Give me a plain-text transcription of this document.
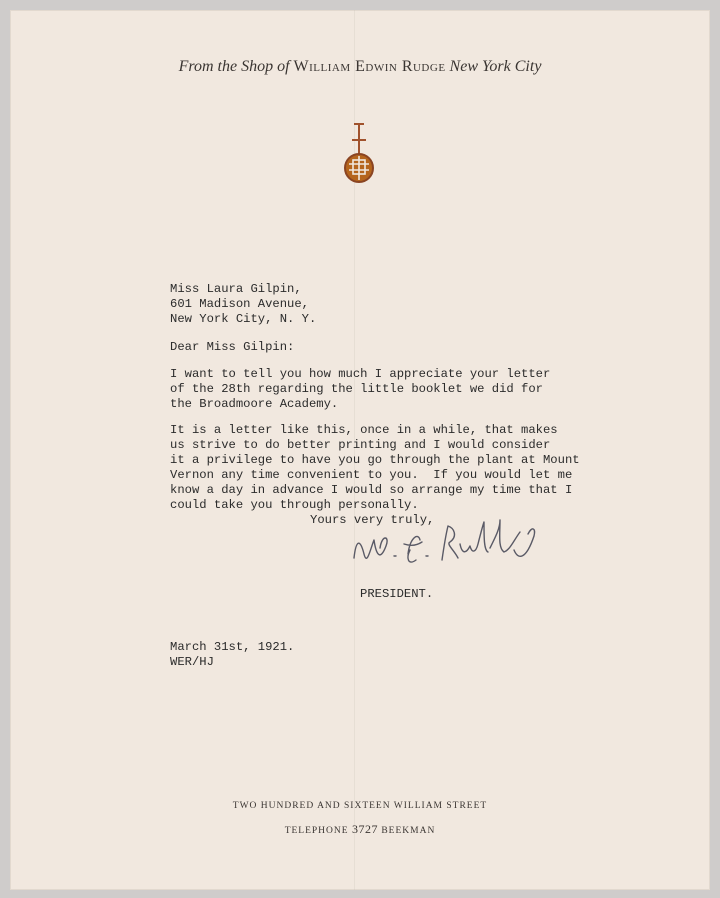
From the Shop of William Edwin Rudge New York City
Miss Laura Gilpin,
601 Madison Avenue,
New York City, N. Y.
Dear Miss Gilpin:
I want to tell you how much I appreciate your letter
of the 28th regarding the little booklet we did for
the Broadmoore Academy.
It is a letter like this, once in a while, that makes
us strive to do better printing and I would consider
it a privilege to have you go through the plant at Mount
Vernon any time convenient to you.  If you would let me
know a day in advance I would so arrange my time that I
could take you through personally.
Yours very truly,
PRESIDENT.
March 31st, 1921.
WER/HJ
TWO HUNDRED AND SIXTEEN WILLIAM STREET
TELEPHONE 3727 BEEKMAN
